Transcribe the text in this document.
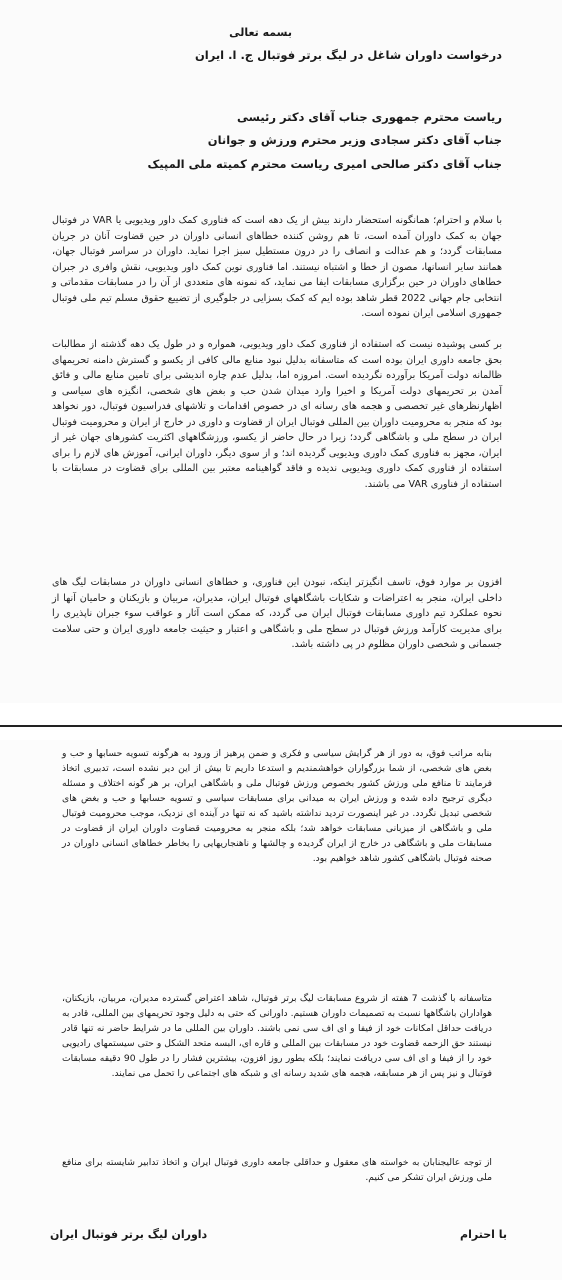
بسمه تعالی
درخواست داوران شاغل در لیگ برتر فوتبال ج. ا. ایران
ریاست محترم جمهوری جناب آقای دکتر رئیسی
جناب آقای دکتر سجادی وزیر محترم ورزش و جوانان
جناب آقای دکتر صالحی امیری ریاست محترم کمیته ملی المپیک

با سلام و احترام؛ همانگونه استحضار دارند بیش از یک دهه است که فناوری کمک داور ویدیویی یا VAR در فوتبال جهان به کمک داوران آمده است، تا هم روشن کننده خطاهای انسانی داوران در حین قضاوت آنان در جریان مسابقات گردد؛ و هم عدالت و انصاف را در درون مستطیل سبز اجرا نماید. داوران در سراسر فوتبال جهان، همانند سایر انسانها، مصون از خطا و اشتباه نیستند. اما فناوری نوین کمک داور ویدیویی، نقش وافری در جبران خطاهای داوران در حین برگزاری مسابقات ایفا می نماید، که نمونه های متعددی از آن را در مسابقات مقدماتی و انتخابی جام جهانی 2022 قطر شاهد بوده ایم که کمک بسزایی در جلوگیری از تضییع حقوق مسلم تیم ملی فوتبال جمهوری اسلامی ایران نموده است.

بر کسی پوشیده نیست که استفاده از فناوری کمک داور ویدیویی، همواره و در طول یک دهه گذشته از مطالبات بحق جامعه داوری ایران بوده است که متاسفانه بدلیل نبود منابع مالی کافی از یکسو و گسترش دامنه تحریمهای ظالمانه دولت آمریکا برآورده نگردیده است. امروزه اما، بدلیل عدم چاره اندیشی برای تامین منابع مالی و فائق آمدن بر تحریمهای دولت آمریکا و اخیرا وارد میدان شدن حب و بغض های شخصی، انگیزه های سیاسی و اظهارنظرهای غیر تخصصی و هجمه های رسانه ای در خصوص اقدامات و تلاشهای فدراسیون فوتبال، دور نخواهد بود که منجر به محرومیت داوران بین المللی فوتبال ایران از قضاوت و داوری در خارج از ایران و محرومیت فوتبال ایران در سطح ملی و باشگاهی گردد؛ زیرا در حال حاضر از یکسو، ورزشگاههای اکثریت کشورهای جهان غیر از ایران، مجهز به فناوری کمک داوری ویدیویی گردیده اند؛ و از سوی دیگر، داوران ایرانی، آموزش های لازم را برای استفاده از فناوری کمک داوری ویدیویی ندیده و فاقد گواهینامه معتبر بین المللی برای قضاوت در مسابقات با استفاده از فناوری VAR می باشند.

افزون بر موارد فوق، تاسف انگیزتر اینکه، نبودن این فناوری، و خطاهای انسانی داوران در مسابقات لیگ های داخلی ایران، منجر به اعتراضات و شکایات باشگاههای فوتبال ایران، مدیران، مربیان و بازیکنان و حامیان آنها از نحوه عملکرد تیم داوری مسابقات فوتبال ایران می گردد، که ممکن است آثار و عواقب سوء جبران ناپذیری را برای مدیریت کارآمد ورزش فوتبال در سطح ملی و باشگاهی و اعتبار و حیثیت جامعه داوری ایران و حتی سلامت جسمانی و شخصی داوران مظلوم در پی داشته باشد.

بنابه مراتب فوق، به دور از هر گرایش سیاسی و فکری و ضمن پرهیز از ورود به هرگونه تسویه حسابها و حب و بغض های شخصی، از شما بزرگواران خواهشمندیم و استدعا داریم تا بیش از این دیر نشده است، تدبیری اتخاذ فرمایند تا منافع ملی ورزش کشور بخصوص ورزش فوتبال ملی و باشگاهی ایران، بر هر گونه اختلاف و مسئله دیگری ترجیح داده شده و ورزش ایران به میدانی برای مسابقات سیاسی و تسویه حسابها و حب و بغض های شخصی تبدیل نگردد. در غیر اینصورت تردید نداشته باشید که نه تنها در آینده ای نزدیک، موجب محرومیت فوتبال ملی و باشگاهی از میزبانی مسابقات خواهد شد؛ بلکه منجر به محرومیت قضاوت داوران ایران از قضاوت در مسابقات ملی و باشگاهی در خارج از ایران گردیده و چالشها و ناهنجاریهایی را بخاطر خطاهای انسانی داوران در صحنه فوتبال باشگاهی کشور شاهد خواهیم بود.

متاسفانه با گذشت 7 هفته از شروع مسابقات لیگ برتر فوتبال، شاهد اعتراض گسترده مدیران، مربیان، بازیکنان، هواداران باشگاهها نسبت به تصمیمات داوران هستیم. داورانی که حتی به دلیل وجود تحریمهای بین المللی، قادر به دریافت حداقل امکانات خود از فیفا و ای اف سی نمی باشند. داوران بین المللی ما در شرایط حاضر نه تنها قادر نیستند حق الزحمه قضاوت خود در مسابقات بین المللی و قاره ای، البسه متحد الشکل و حتی سیستمهای رادیویی خود را از فیفا و ای اف سی دریافت نمایند؛ بلکه بطور روز افزون، بیشترین فشار را در طول 90 دقیقه مسابقات فوتبال و نیز پس از هر مسابقه، هجمه های شدید رسانه ای و شبکه های اجتماعی را تحمل می نمایند.

از توجه عالیجنابان به خواسته های معقول و حداقلی جامعه داوری فوتبال ایران و اتخاذ تدابیر شایسته برای منافع ملی ورزش ایران تشکر می کنیم.

با احترام
داوران لیگ برتر فوتبال ایران
